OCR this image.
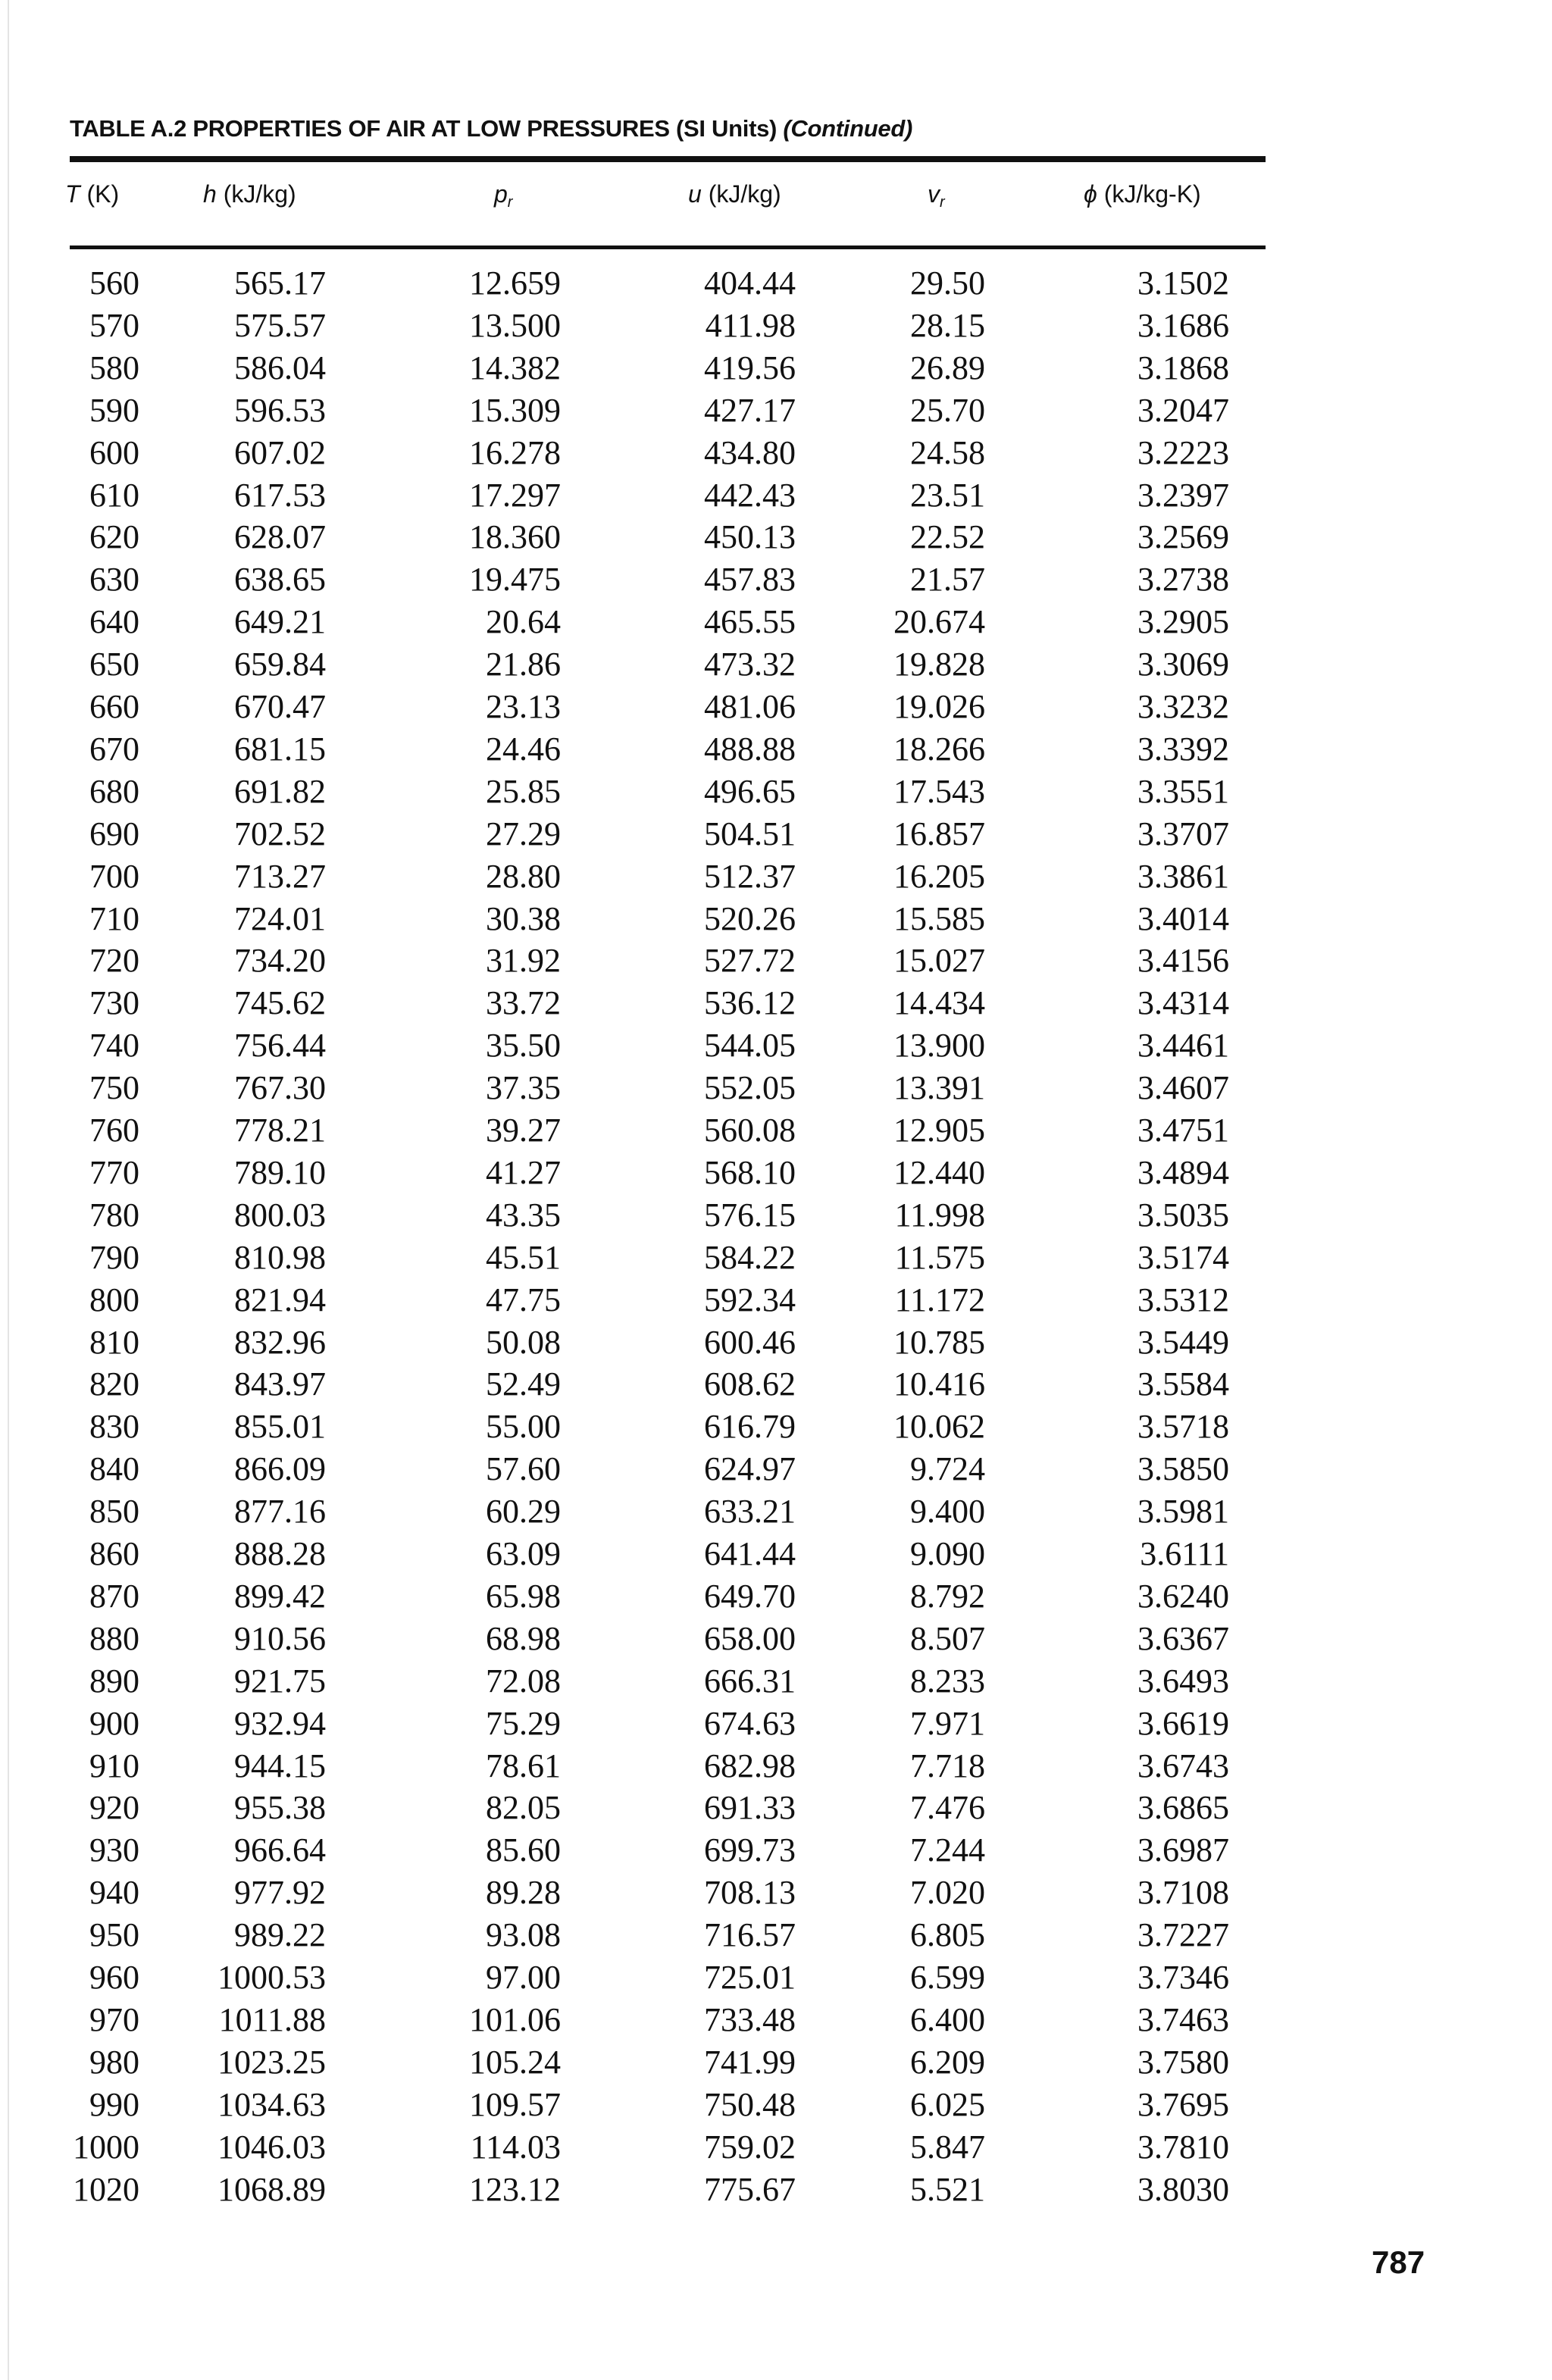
TABLE A.2 PROPERTIES OF AIR AT LOW PRESSURES (SI Units) (Continued)
T (K)	h (kJ/kg)	$p_r$	u (kJ/kg)	$v_r$	ϕ (kJ/kg-K)
560	565.17	12.659	404.44	29.50	3.1502
570	575.57	13.500	411.98	28.15	3.1686
580	586.04	14.382	419.56	26.89	3.1868
590	596.53	15.309	427.17	25.70	3.2047
600	607.02	16.278	434.80	24.58	3.2223
610	617.53	17.297	442.43	23.51	3.2397
620	628.07	18.360	450.13	22.52	3.2569
630	638.65	19.475	457.83	21.57	3.2738
640	649.21	20.64	465.55	20.674	3.2905
650	659.84	21.86	473.32	19.828	3.3069
660	670.47	23.13	481.06	19.026	3.3232
670	681.15	24.46	488.88	18.266	3.3392
680	691.82	25.85	496.65	17.543	3.3551
690	702.52	27.29	504.51	16.857	3.3707
700	713.27	28.80	512.37	16.205	3.3861
710	724.01	30.38	520.26	15.585	3.4014
720	734.20	31.92	527.72	15.027	3.4156
730	745.62	33.72	536.12	14.434	3.4314
740	756.44	35.50	544.05	13.900	3.4461
750	767.30	37.35	552.05	13.391	3.4607
760	778.21	39.27	560.08	12.905	3.4751
770	789.10	41.27	568.10	12.440	3.4894
780	800.03	43.35	576.15	11.998	3.5035
790	810.98	45.51	584.22	11.575	3.5174
800	821.94	47.75	592.34	11.172	3.5312
810	832.96	50.08	600.46	10.785	3.5449
820	843.97	52.49	608.62	10.416	3.5584
830	855.01	55.00	616.79	10.062	3.5718
840	866.09	57.60	624.97	9.724	3.5850
850	877.16	60.29	633.21	9.400	3.5981
860	888.28	63.09	641.44	9.090	3.6111
870	899.42	65.98	649.70	8.792	3.6240
880	910.56	68.98	658.00	8.507	3.6367
890	921.75	72.08	666.31	8.233	3.6493
900	932.94	75.29	674.63	7.971	3.6619
910	944.15	78.61	682.98	7.718	3.6743
920	955.38	82.05	691.33	7.476	3.6865
930	966.64	85.60	699.73	7.244	3.6987
940	977.92	89.28	708.13	7.020	3.7108
950	989.22	93.08	716.57	6.805	3.7227
960	1000.53	97.00	725.01	6.599	3.7346
970	1011.88	101.06	733.48	6.400	3.7463
980	1023.25	105.24	741.99	6.209	3.7580
990	1034.63	109.57	750.48	6.025	3.7695
1000	1046.03	114.03	759.02	5.847	3.7810
1020	1068.89	123.12	775.67	5.521	3.8030
787
